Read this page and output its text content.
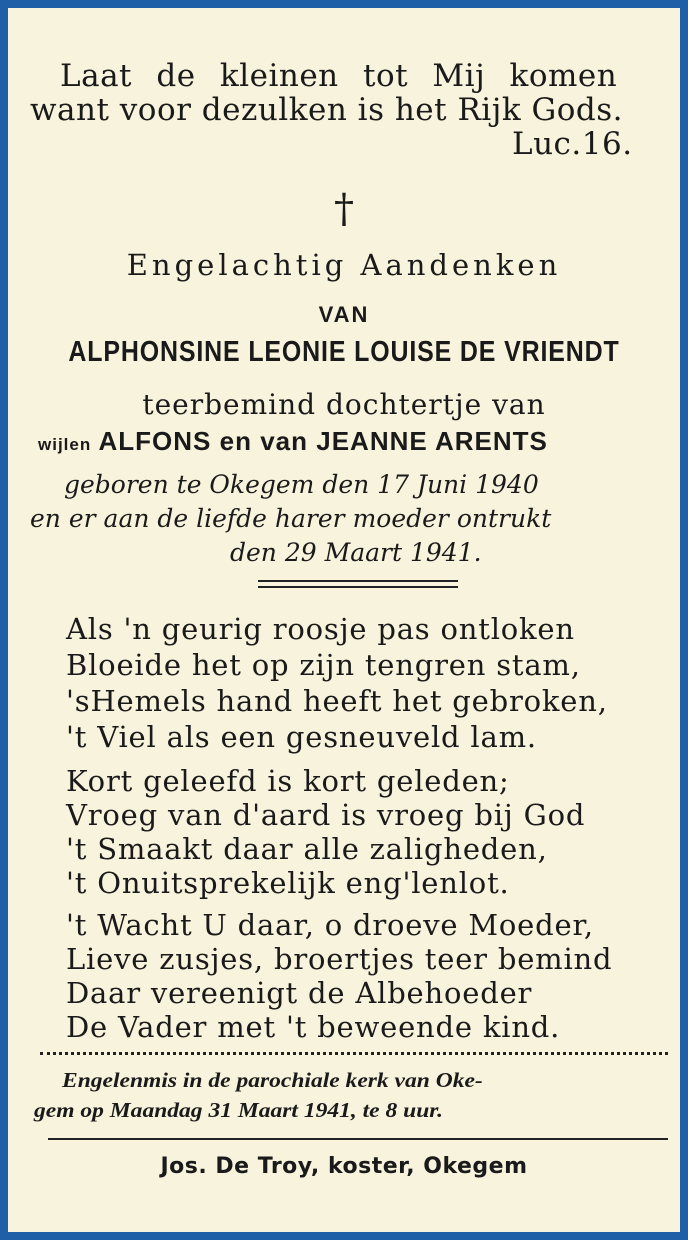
Laat de kleinen tot Mij komen
want voor dezulken is het Rijk Gods.
Luc.16.
†
Engelachtig Aandenken
VAN
ALPHONSINE LEONIE LOUISE DE VRIENDT
teerbemind dochtertje van
wijlen ALFONS en van JEANNE ARENTS
geboren te Okegem den 17 Juni 1940
en er aan de liefde harer moeder ontrukt
den 29 Maart 1941.
Als 'n geurig roosje pas ontloken
Bloeide het op zijn tengren stam,
'sHemels hand heeft het gebroken,
't Viel als een gesneuveld lam.
Kort geleefd is kort geleden;
Vroeg van d'aard is vroeg bij God
't Smaakt daar alle zaligheden,
't Onuitsprekelijk eng'lenlot.
't Wacht U daar, o droeve Moeder,
Lieve zusjes, broertjes teer bemind
Daar vereenigt de Albehoeder
De Vader met 't beweende kind.
Engelenmis in de parochiale kerk van Oke-
gem op Maandag 31 Maart 1941, te 8 uur.
Jos. De Troy, koster, Okegem
